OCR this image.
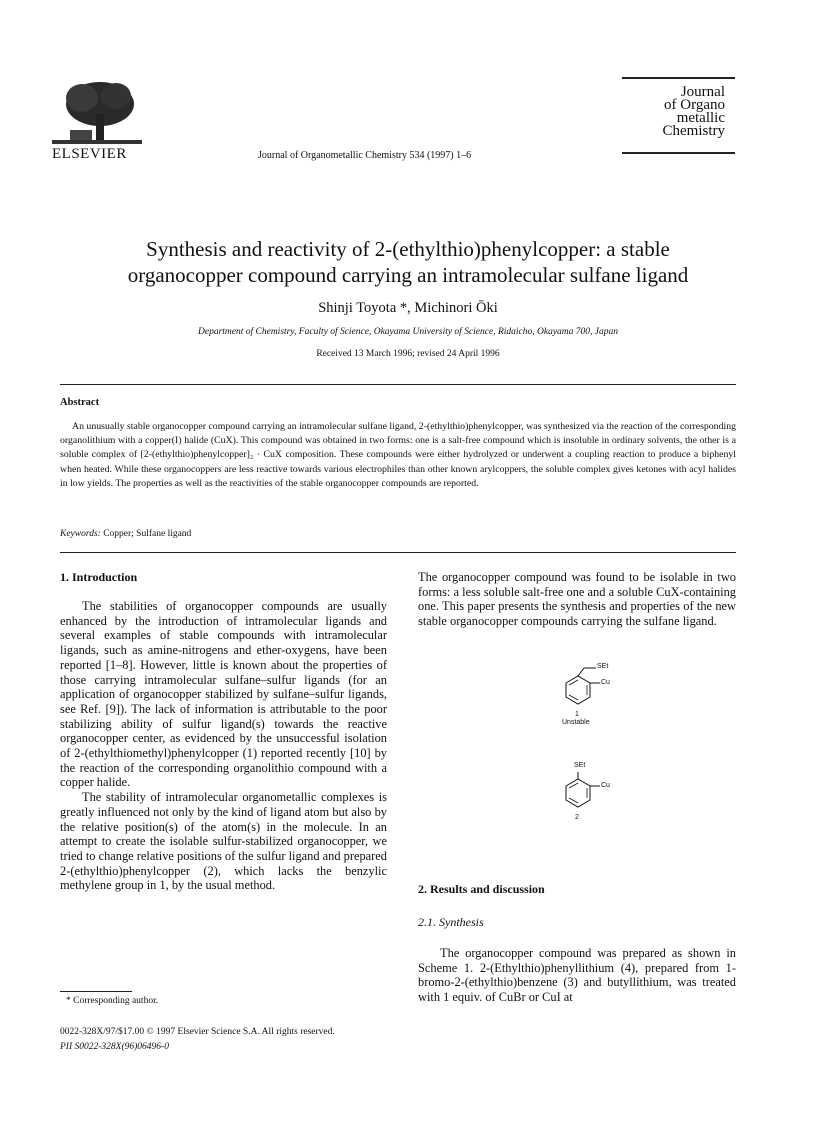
ELSEVIER	Journal of Organometallic Chemistry 534 (1997) 1–6
Journal
of Organo
metallic
Chemistry
Synthesis and reactivity of 2-(ethylthio)phenylcopper: a stable
organocopper compound carrying an intramolecular sulfane ligand
Shinji Toyota *, Michinori Ōki
Department of Chemistry, Faculty of Science, Okayama University of Science, Ridaicho, Okayama 700, Japan
Received 13 March 1996; revised 24 April 1996
Abstract
An unusually stable organocopper compound carrying an intramolecular sulfane ligand, 2-(ethylthio)phenylcopper, was synthesized via the reaction of the corresponding organolithium with a copper(I) halide (CuX). This compound was obtained in two forms: one is a salt-free compound which is insoluble in ordinary solvents, the other is a soluble complex of [2-(ethylthio)phenylcopper]₂ · CuX composition. These compounds were either hydrolyzed or underwent a coupling reaction to produce a biphenyl when heated. While these organocoppers are less reactive towards various electrophiles than other known arylcoppers, the soluble complex gives ketones with acyl halides in low yields. The properties as well as the reactivities of the stable organocopper compounds are reported.
Keywords: Copper; Sulfane ligand
1. Introduction

The stabilities of organocopper compounds are usually enhanced by the introduction of intramolecular ligands and several examples of stable compounds with intramolecular ligands, such as amine-nitrogens and ether-oxygens, have been reported [1–8]. However, little is known about the properties of those carrying intramolecular sulfane–sulfur ligands (for an application of organocopper stabilized by sulfane–sulfur ligands, see Ref. [9]). The lack of information is attributable to the poor stabilizing ability of sulfur ligand(s) towards the reactive organocopper center, as evidenced by the unsuccessful isolation of 2-(ethylthiomethyl)phenylcopper (1) reported recently [10] by the reaction of the corresponding organolithio compound with a copper halide.

The stability of intramolecular organometallic complexes is greatly influenced not only by the kind of ligand atom but also by the relative position(s) of the atom(s) in the molecule. In an attempt to create the isolable sulfur-stabilized organocopper, we tried to change relative positions of the sulfur ligand and prepared 2-(ethylthio)phenylcopper (2), which lacks the benzylic methylene group in 1, by the usual method.

* Corresponding author.
0022-328X/97/$17.00 © 1997 Elsevier Science S.A. All rights reserved.
PII S0022-328X(96)06496-0

The organocopper compound was found to be isolable in two forms: a less soluble salt-free one and a soluble CuX-containing one. This paper presents the synthesis and properties of the new stable organocopper compounds carrying the sulfane ligand.

SEt
Cu
1
Unstable
SEt
Cu
2
2. Results and discussion
2.1. Synthesis

The organocopper compound was prepared as shown in Scheme 1. 2-(Ethylthio)phenyllithium (4), prepared from 1-bromo-2-(ethylthio)benzene (3) and butyllithium, was treated with 1 equiv. of CuBr or CuI at
